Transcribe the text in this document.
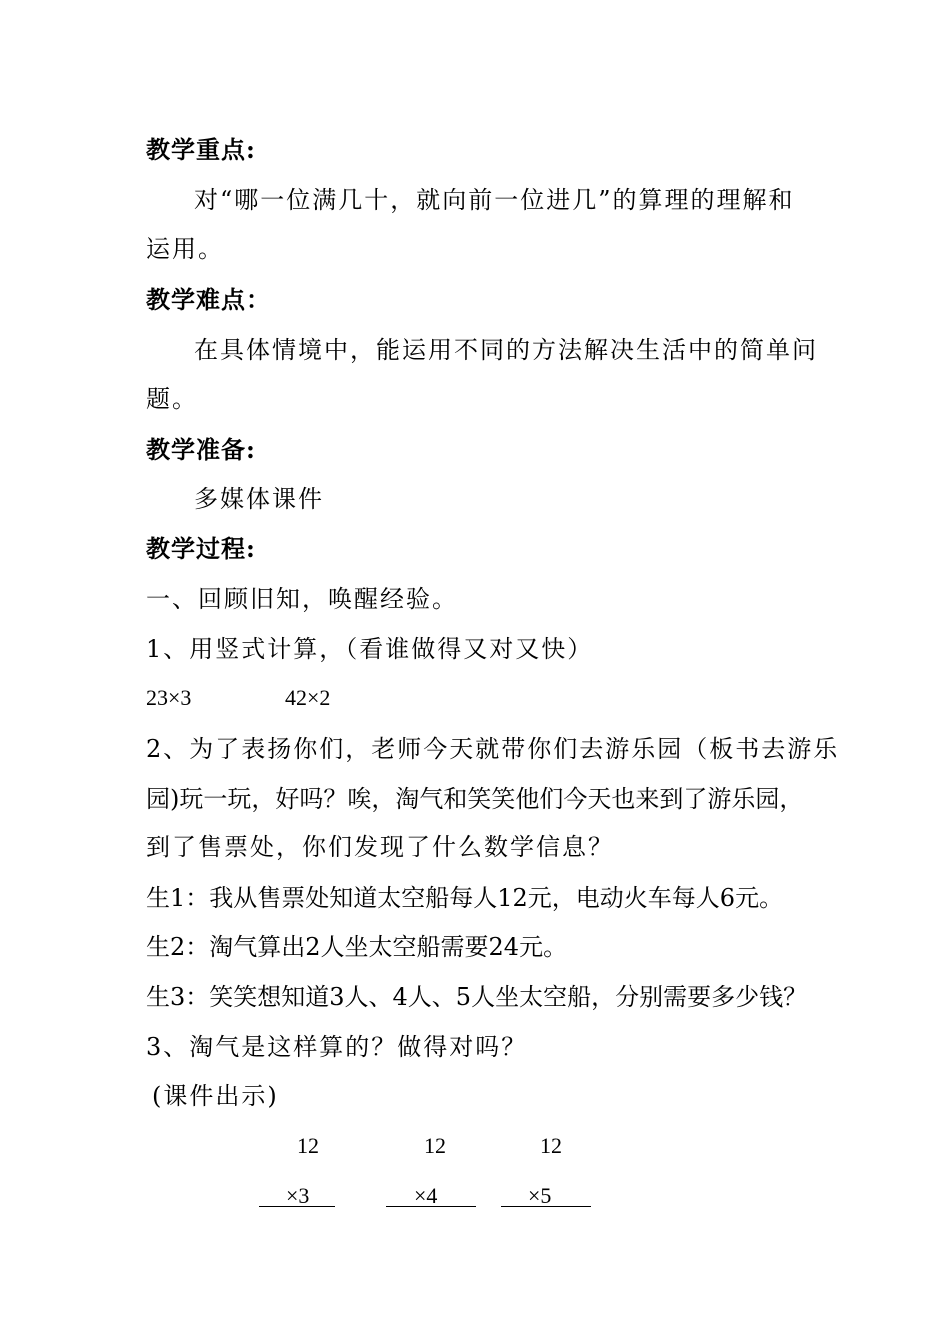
教学重点:
对“哪一位满几十，就向前一位进几”的算理的理解和
运用。
教学难点：
在具体情境中，能运用不同的方法解决生活中的简单问
题。
教学准备:
多媒体课件
教学过程:
一、回顾旧知，唤醒经验。
1、用竖式计算，（看谁做得又对又快）
23×3	42×2
2、为了表扬你们，老师今天就带你们去游乐园（板书去游乐
园)玩一玩，好吗？唉，淘气和笑笑他们今天也来到了游乐园，
到了售票处，你们发现了什么数学信息？
生1：我从售票处知道太空船每人12元，电动火车每人6元。
生2：淘气算出2人坐太空船需要24元。
生3：笑笑想知道3人、4人、5人坐太空船，分别需要多少钱？
3、淘气是这样算的？做得对吗？
(课件出示)
12
×3
12
×4
12
×5
